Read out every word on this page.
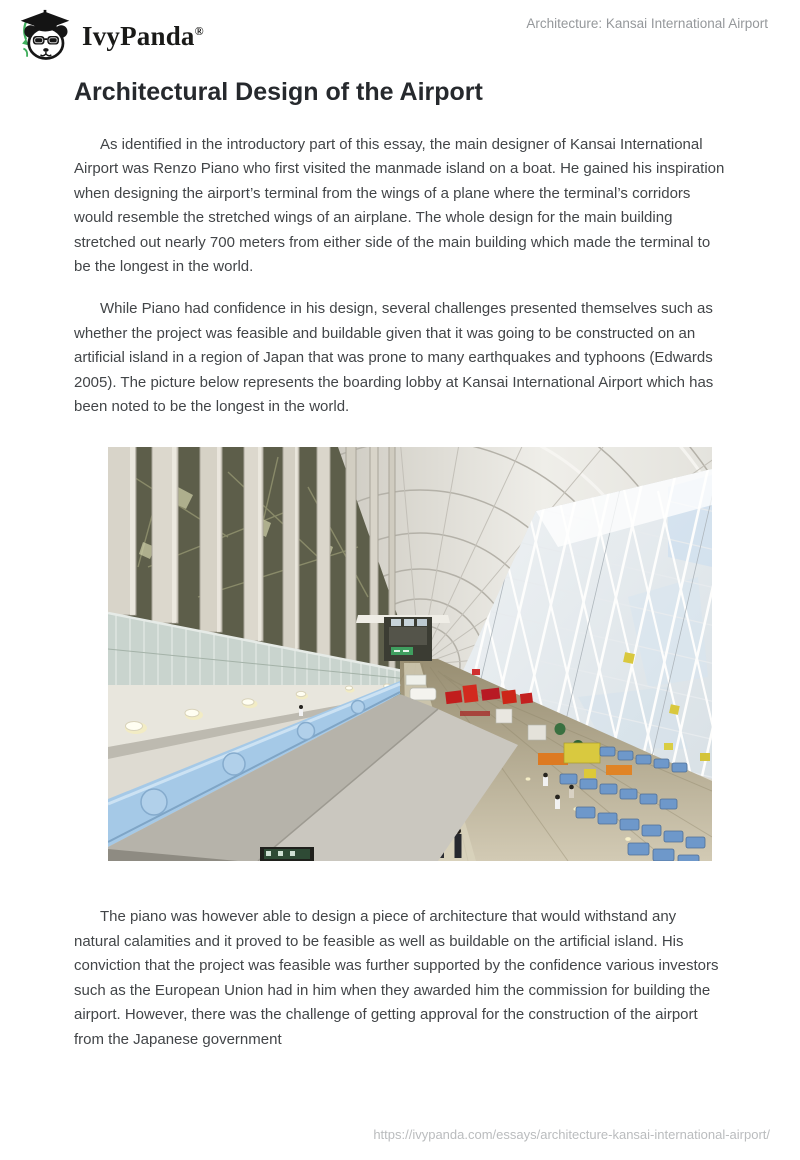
IvyPanda®	Architecture: Kansai International Airport
Architectural Design of the Airport

As identified in the introductory part of this essay, the main designer of Kansai International Airport was Renzo Piano who first visited the manmade island on a boat. He gained his inspiration when designing the airport’s terminal from the wings of a plane where the terminal’s corridors would resemble the stretched wings of an airplane. The whole design for the main building stretched out nearly 700 meters from either side of the main building which made the terminal to be the longest in the world.

While Piano had confidence in his design, several challenges presented themselves such as whether the project was feasible and buildable given that it was going to be constructed on an artificial island in a region of Japan that was prone to many earthquakes and typhoons (Edwards 2005). The picture below represents the boarding lobby at Kansai International Airport which has been noted to be the longest in the world.

The piano was however able to design a piece of architecture that would withstand any natural calamities and it proved to be feasible as well as buildable on the artificial island. His conviction that the project was feasible was further supported by the confidence various investors such as the European Union had in him when they awarded him the commission for building the airport. However, there was the challenge of getting approval for the construction of the airport from the Japanese government

https://ivypanda.com/essays/architecture-kansai-international-airport/
